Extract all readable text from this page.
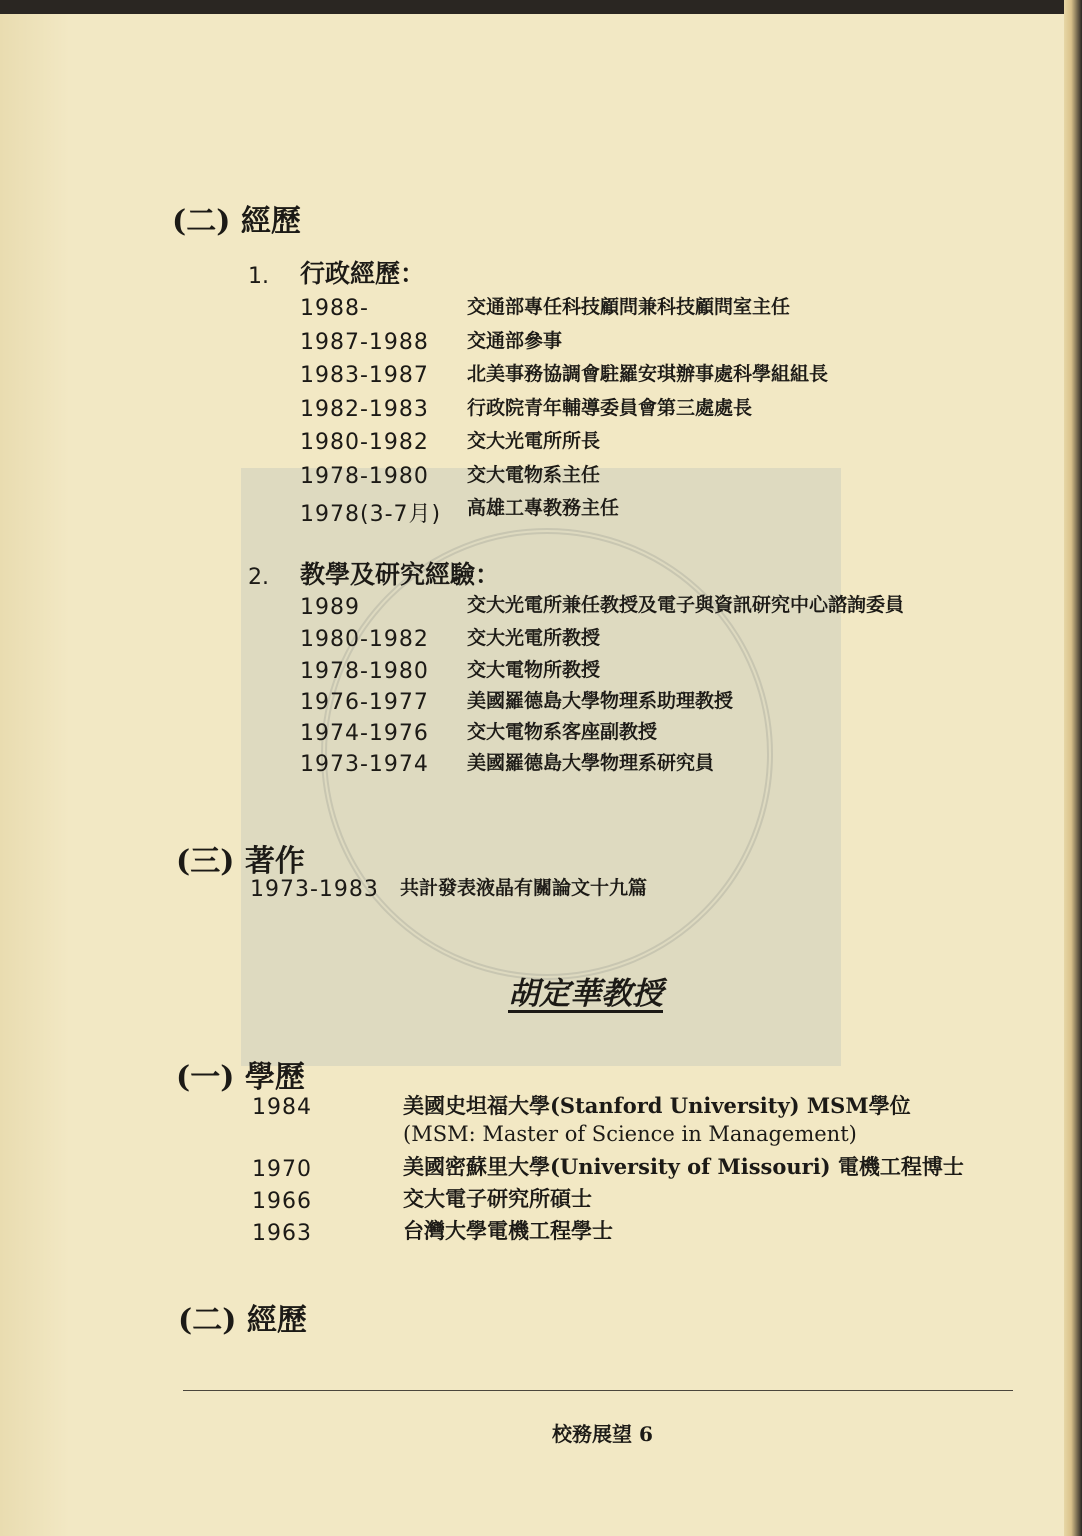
(二) 經歷
1. 行政經歷：
1988-	交通部專任科技顧問兼科技顧問室主任
1987-1988 交通部參事
1983-1987 北美事務協調會駐羅安琪辦事處科學組組長
1982-1983 行政院青年輔導委員會第三處處長
1980-1982 交大光電所所長
1978-1980 交大電物系主任
1978(3-7月) 高雄工專教務主任
2. 教學及研究經驗：
1989	交大光電所兼任教授及電子與資訊研究中心諮詢委員
1980-1982 交大光電所教授
1978-1980 交大電物所教授
1976-1977 美國羅德島大學物理系助理教授
1974-1976 交大電物系客座副教授
1973-1974 美國羅德島大學物理系研究員
(三) 著作
1973-1983 共計發表液晶有關論文十九篇
胡定華教授
(一) 學歷
1984	美國史坦福大學(Stanford University) MSM學位
(MSM: Master of Science in Management)
1970	美國密蘇里大學(University of Missouri) 電機工程博士
1966	交大電子研究所碩士
1963	台灣大學電機工程學士
(二) 經歷
校務展望 6
